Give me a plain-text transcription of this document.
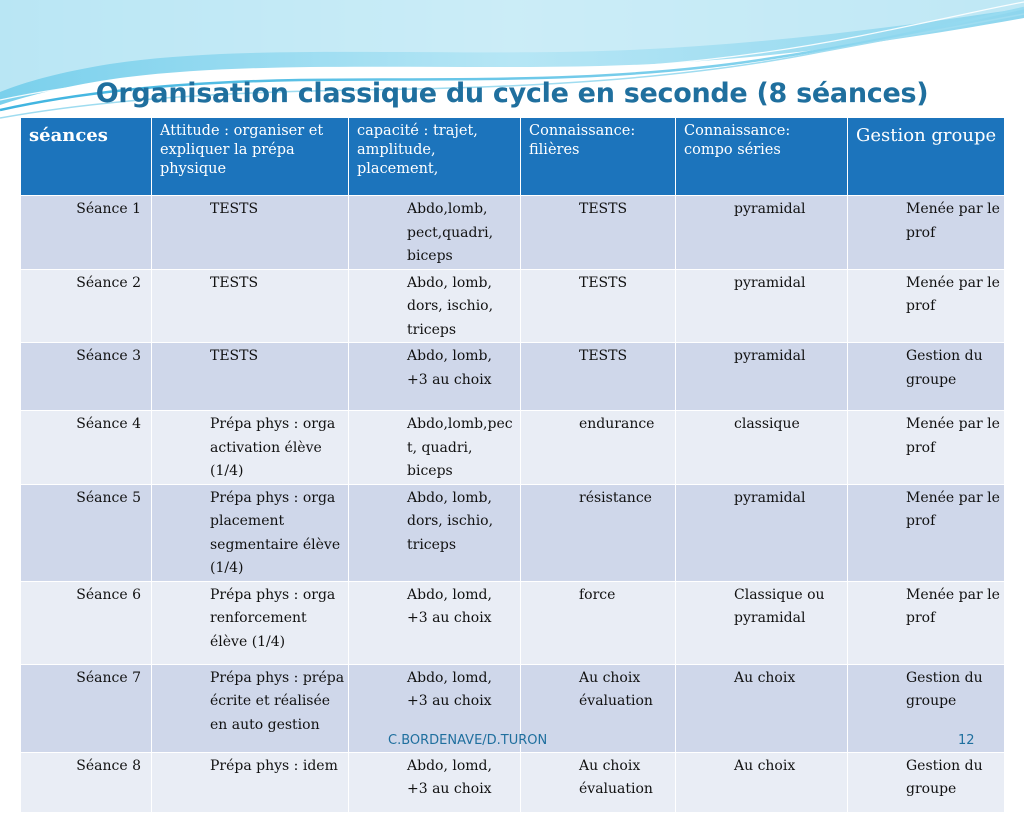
Organisation classique du cycle en seconde (8 séances)
séances	Attitude : organiser et expliquer la prépa physique	capacité : trajet, amplitude, placement,	Connaissance: filières	Connaissance: compo séries	Gestion groupe

Séance 1	TESTS	Abdo,lomb,
pect,quadri,
biceps	TESTS	pyramidal	Menée par le
prof

Séance 2	TESTS	Abdo, lomb,
dors, ischio,
triceps	TESTS	pyramidal	Menée par le
prof

Séance 3	TESTS	Abdo, lomb,
+3 au choix	TESTS	pyramidal	Gestion du
groupe

Séance 4	Prépa phys : orga
activation élève
(1/4)	Abdo,lomb,pec
t, quadri,
biceps	endurance	classique	Menée par le
prof

Séance 5	Prépa phys : orga
placement
segmentaire élève
(1/4)	Abdo, lomb,
dors, ischio,
triceps	résistance	pyramidal	Menée par le
prof

Séance 6	Prépa phys : orga
renforcement
élève (1/4)	Abdo, lomd,
+3 au choix	force	Classique ou
pyramidal	Menée par le
prof

Séance 7	Prépa phys : prépa
écrite et réalisée
en auto gestion	Abdo, lomd,
+3 au choix	Au choix
évaluation	Au choix	Gestion du
groupe

Séance 8	Prépa phys : idem	Abdo, lomd,
+3 au choix	Au choix
évaluation	Au choix	Gestion du
groupe
C.BORDENAVE/D.TURON	12
